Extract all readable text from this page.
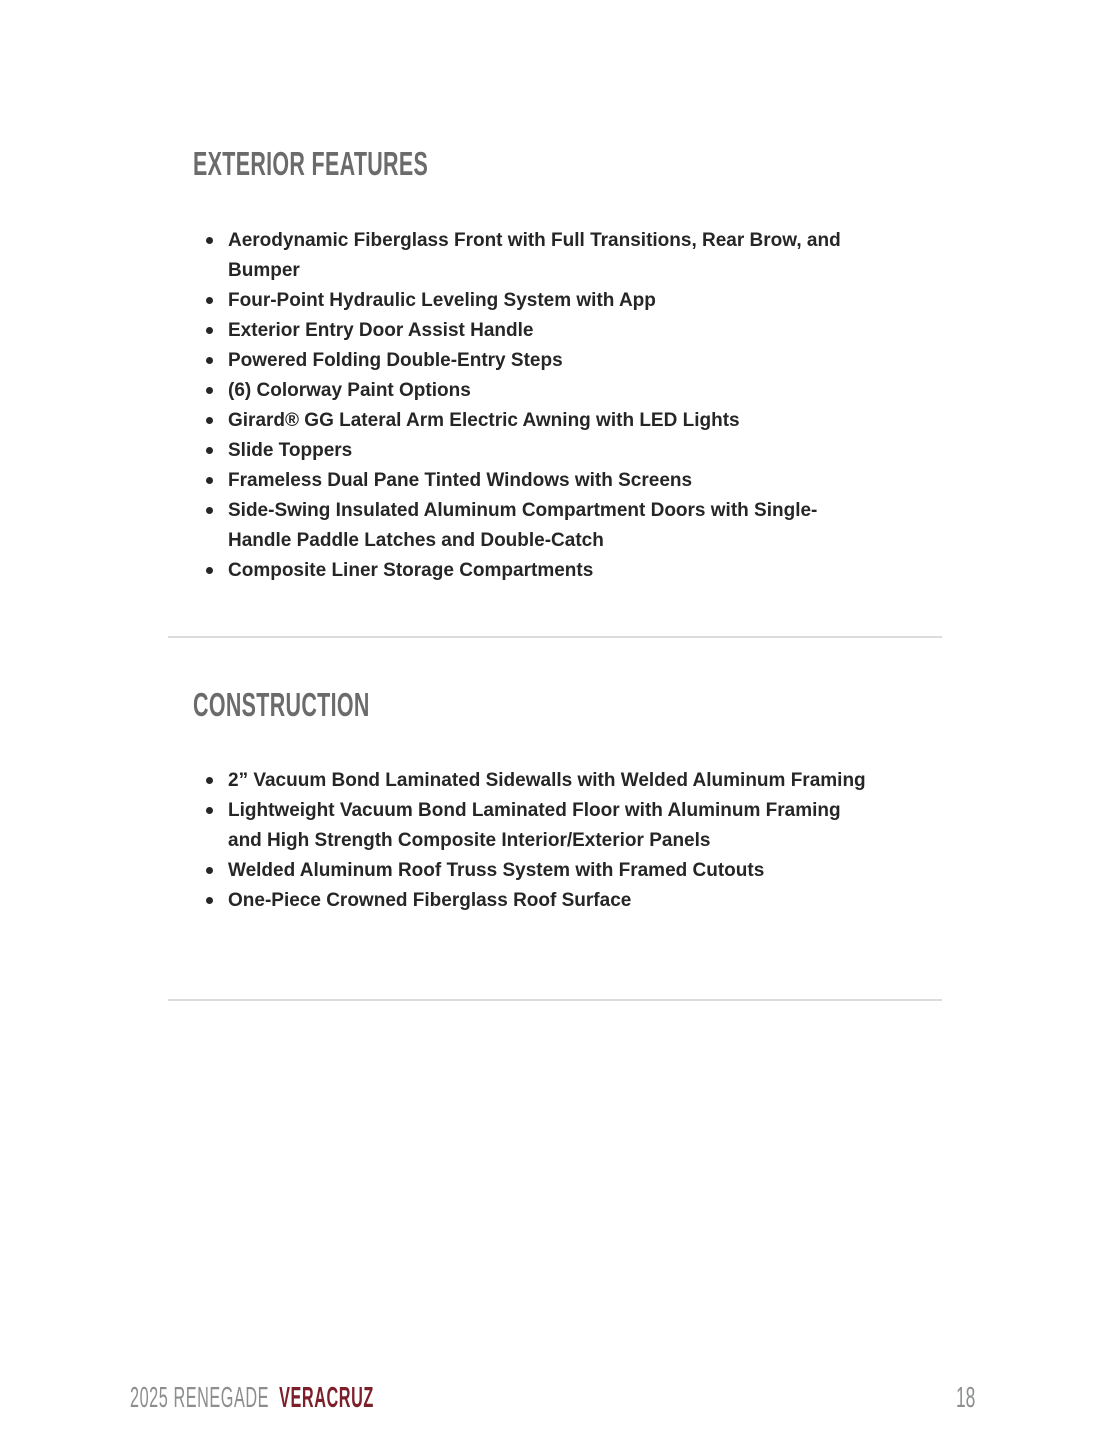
EXTERIOR FEATURES
Aerodynamic Fiberglass Front with Full Transitions, Rear Brow, and Bumper
Four-Point Hydraulic Leveling System with App
Exterior Entry Door Assist Handle
Powered Folding Double-Entry Steps
(6) Colorway Paint Options
Girard® GG Lateral Arm Electric Awning with LED Lights
Slide Toppers
Frameless Dual Pane Tinted Windows with Screens
Side-Swing Insulated Aluminum Compartment Doors with Single-Handle Paddle Latches and Double-Catch
Composite Liner Storage Compartments
CONSTRUCTION
2” Vacuum Bond Laminated Sidewalls with Welded Aluminum Framing
Lightweight Vacuum Bond Laminated Floor with Aluminum Framing and High Strength Composite Interior/Exterior Panels
Welded Aluminum Roof Truss System with Framed Cutouts
One-Piece Crowned Fiberglass Roof Surface
2025 RENEGADE VERACRUZ	18
